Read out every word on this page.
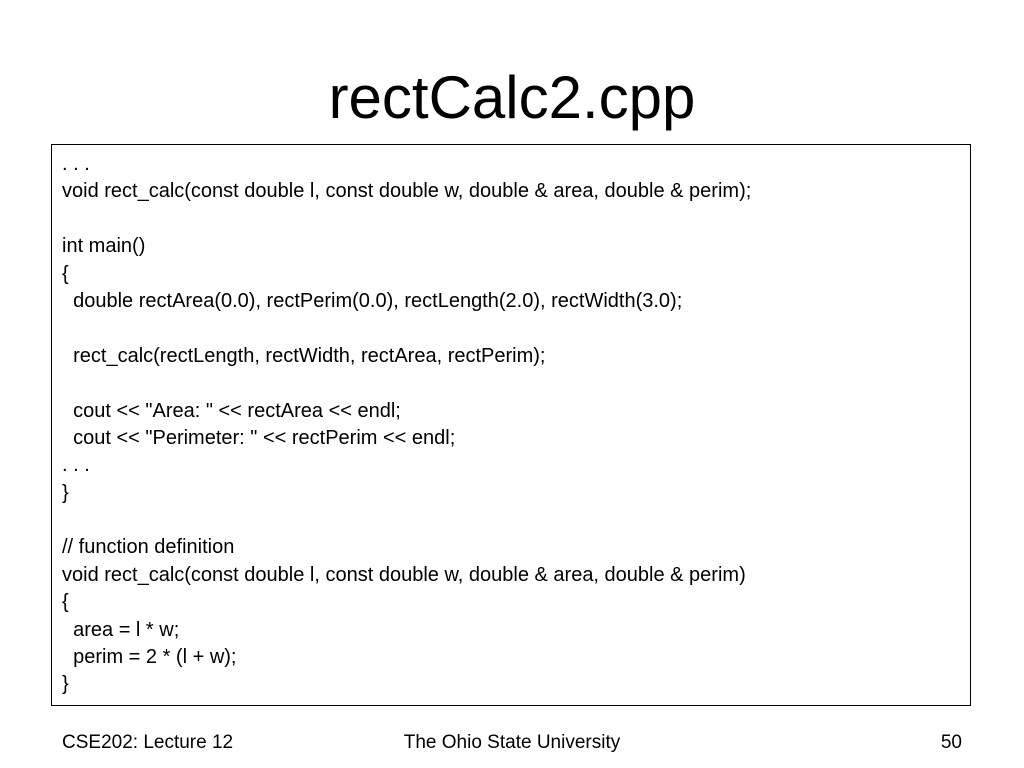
rectCalc2.cpp
. . .
void rect_calc(const double l, const double w, double & area, double & perim);
int main()
{
double rectArea(0.0), rectPerim(0.0), rectLength(2.0), rectWidth(3.0);
rect_calc(rectLength, rectWidth, rectArea, rectPerim);
cout << "Area: " << rectArea << endl;
cout << "Perimeter: " << rectPerim << endl;
. . .
}
// function definition
void rect_calc(const double l, const double w, double & area, double & perim)
{
area = l * w;
perim = 2 * (l + w);
}
CSE202: Lecture 12	The Ohio State University	50
